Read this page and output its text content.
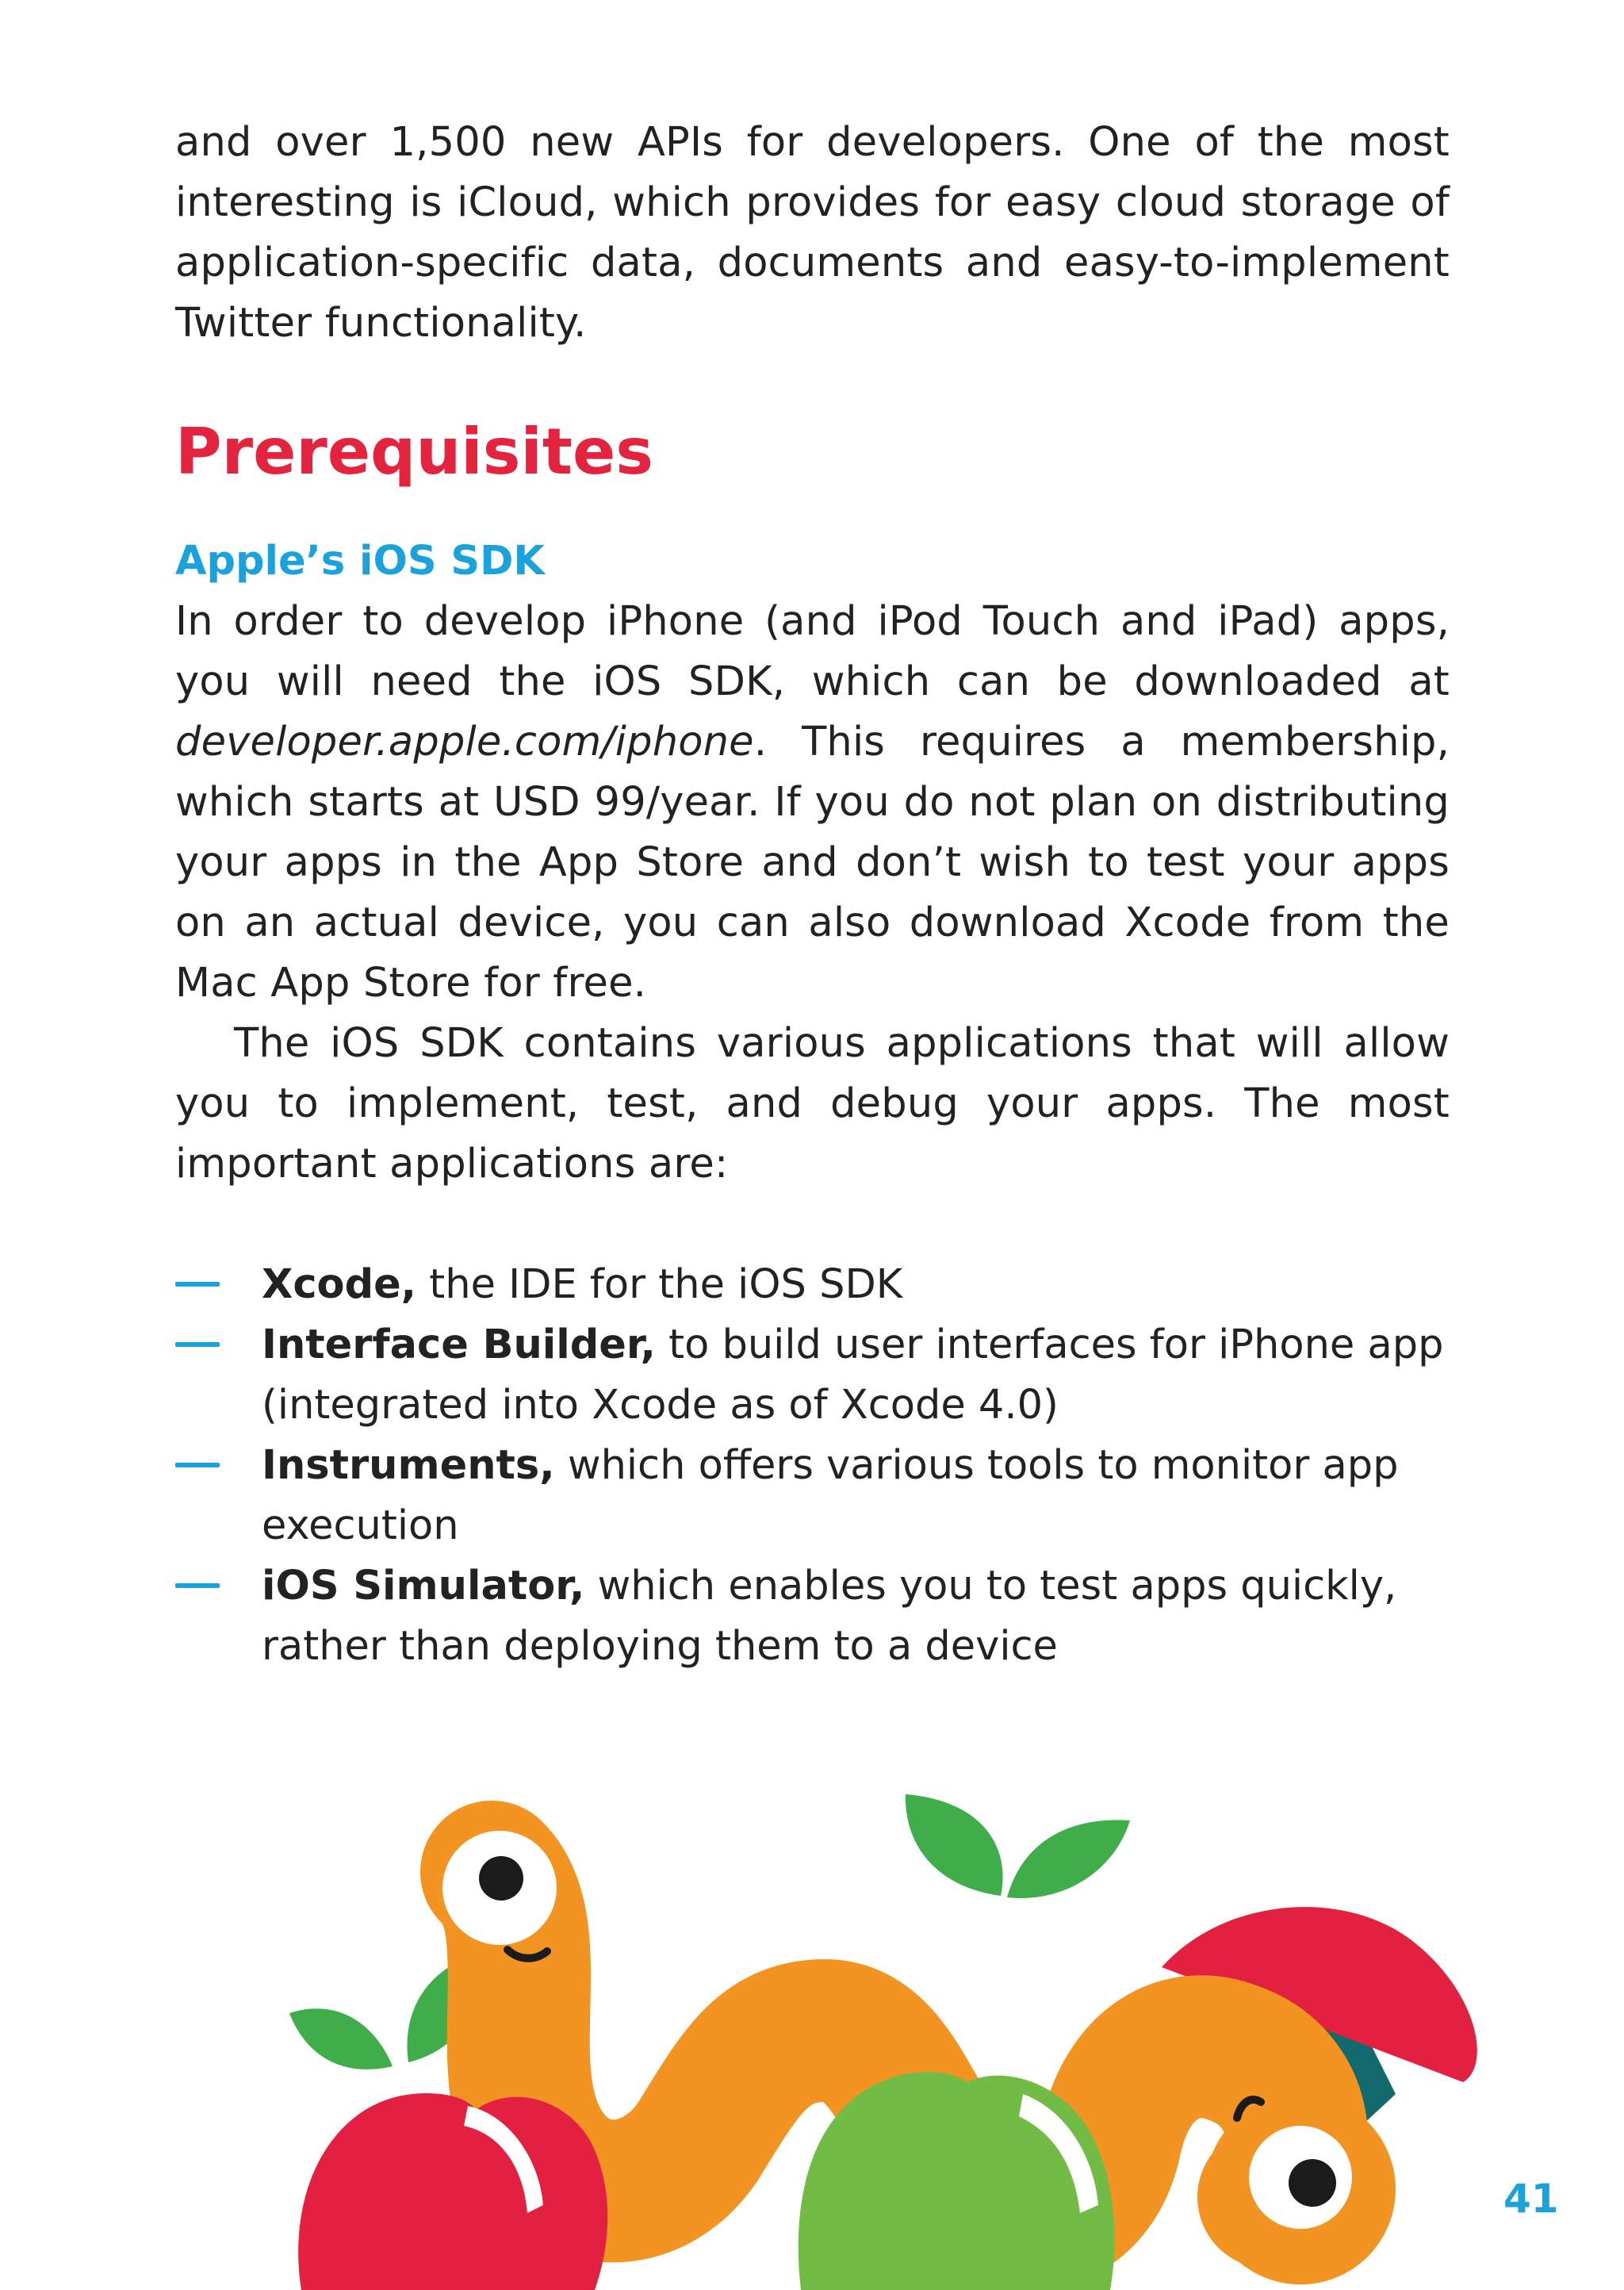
and over 1,500 new APIs for developers. One of the most interesting is iCloud, which provides for easy cloud storage of application-specific data, documents and easy-to-implement Twitter functionality.

Prerequisites
Apple’s iOS SDK

In order to develop iPhone (and iPod Touch and iPad) apps, you will need the iOS SDK, which can be downloaded at developer.apple.com/iphone. This requires a membership, which starts at USD 99/year. If you do not plan on distributing your apps in the App Store and don’t wish to test your apps on an actual device, you can also download Xcode from the Mac App Store for free.

The iOS SDK contains various applications that will allow you to implement, test, and debug your apps. The most important applications are:

Xcode, the IDE for the iOS SDK
Interface Builder, to build user interfaces for iPhone app (integrated into Xcode as of Xcode 4.0)
Instruments, which offers various tools to monitor app execution
iOS Simulator, which enables you to test apps quickly, rather than deploying them to a device
41
